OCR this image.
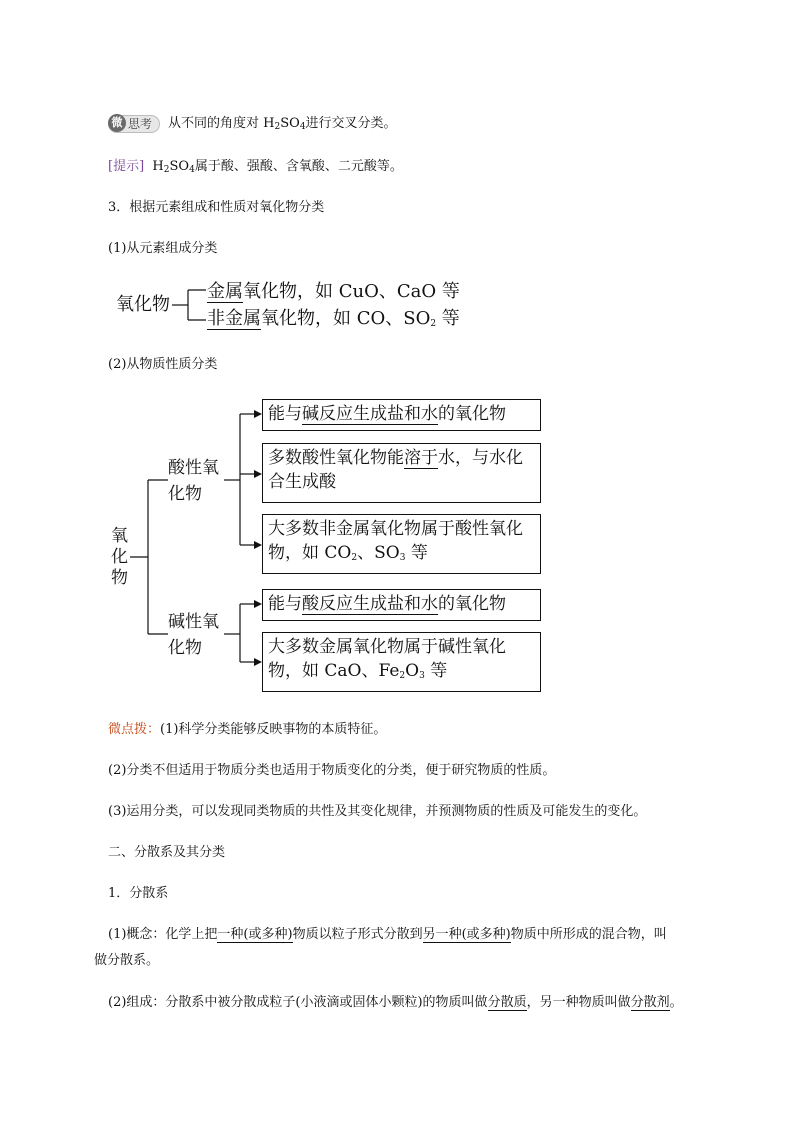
微 思考 从不同的角度对 $H_2SO_4$进行交叉分类。
[提示] $H_2SO_4$属于酸、强酸、含氧酸、二元酸等。
3．根据元素组成和性质对氧化物分类
(1)从元素组成分类
氧化物
金属氧化物，如 CuO、CaO 等
非金属氧化物，如 CO、$SO_2$ 等
(2)从物质性质分类
氧化物
酸性氧化物
碱性氧化物
能与碱反应生成盐和水的氧化物
多数酸性氧化物能溶于水，与水化合生成酸
大多数非金属氧化物属于酸性氧化物，如 $CO_2$、$SO_3$ 等
能与酸反应生成盐和水的氧化物
大多数金属氧化物属于碱性氧化物，如 CaO、$Fe_2O_3$ 等
微点拨：(1)科学分类能够反映事物的本质特征。
(2)分类不但适用于物质分类也适用于物质变化的分类，便于研究物质的性质。
(3)运用分类，可以发现同类物质的共性及其变化规律，并预测物质的性质及可能发生的变化。
二、分散系及其分类
1．分散系
(1)概念：化学上把一种(或多种)物质以粒子形式分散到另一种(或多种)物质中所形成的混合物，叫
做分散系。
(2)组成：分散系中被分散成粒子(小液滴或固体小颗粒)的物质叫做分散质，另一种物质叫做分散剂。
